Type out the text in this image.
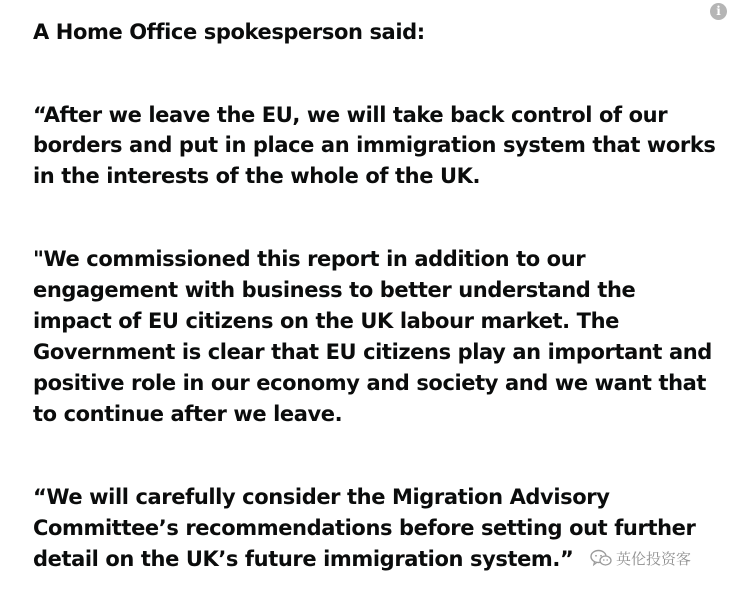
i

A Home Office spokesperson said:

“After we leave the EU, we will take back control of our

borders and put in place an immigration system that works

in the interests of the whole of the UK.

"We commissioned this report in addition to our

engagement with business to better understand the

impact of EU citizens on the UK labour market. The

Government is clear that EU citizens play an important and

positive role in our economy and society and we want that

to continue after we leave.

“We will carefully consider the Migration Advisory

Committee’s recommendations before setting out further

detail on the UK’s future immigration system.”	英伦投资客
